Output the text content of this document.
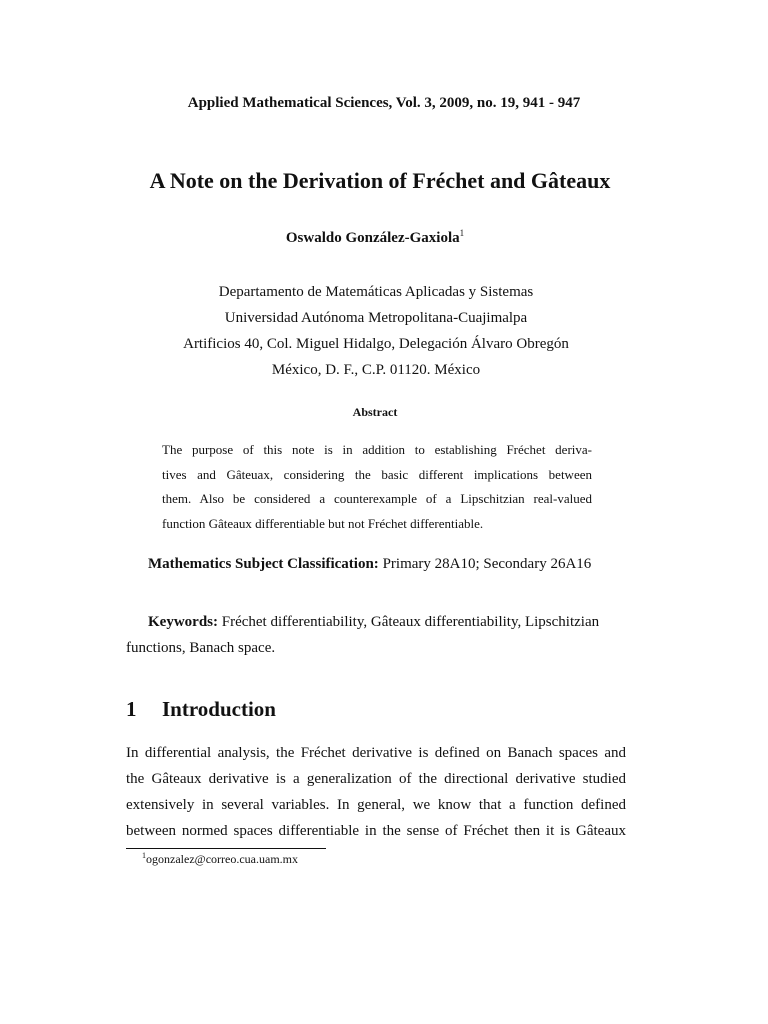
Applied Mathematical Sciences, Vol. 3, 2009, no. 19, 941 - 947
A Note on the Derivation of Fréchet and Gâteaux
Oswaldo González-Gaxiola$^1$
Departamento de Matemáticas Aplicadas y Sistemas
Universidad Autónoma Metropolitana-Cuajimalpa
Artificios 40, Col. Miguel Hidalgo, Delegación Álvaro Obregón
México, D. F., C.P. 01120. México
Abstract
The purpose of this note is in addition to establishing Fréchet deriva-
tives and Gâteuax, considering the basic different implications between
them. Also be considered a counterexample of a Lipschitzian real-valued
function Gâteaux differentiable but not Fréchet differentiable.
Mathematics Subject Classification: Primary 28A10; Secondary 26A16
Keywords: Fréchet differentiability, Gâteaux differentiability, Lipschitzian
functions, Banach space.
1 Introduction
In differential analysis, the Fréchet derivative is defined on Banach spaces and
the Gâteaux derivative is a generalization of the directional derivative studied
extensively in several variables. In general, we know that a function defined
between normed spaces differentiable in the sense of Fréchet then it is Gâteaux
$^1$ogonzalez@correo.cua.uam.mx
